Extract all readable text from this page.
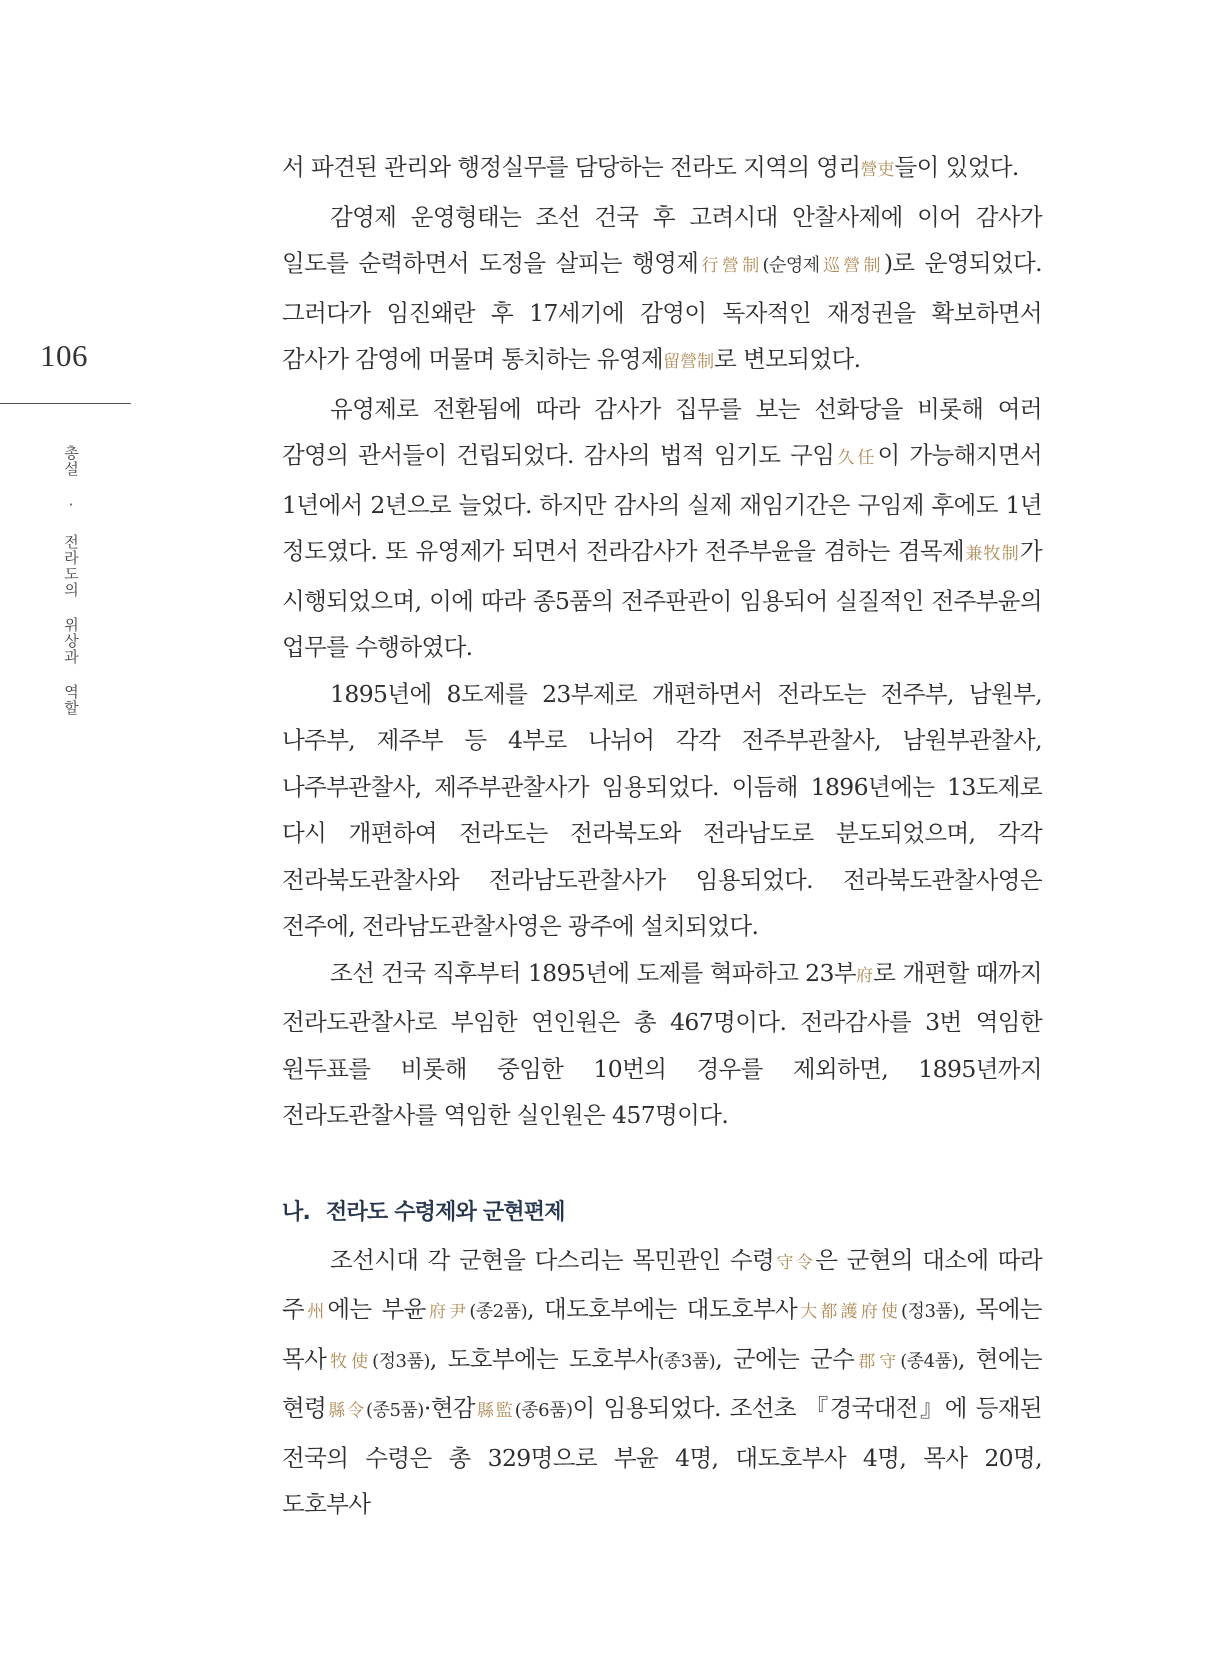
106
총설 · 전라도의 위상과 역할

서 파견된 관리와 행정실무를 담당하는 전라도 지역의 영리營吏들이 있었다.

감영제 운영형태는 조선 건국 후 고려시대 안찰사제에 이어 감사가 일도를 순력하면서 도정을 살피는 행영제行營制(순영제巡營制)로 운영되었다. 그러다가 임진왜란 후 17세기에 감영이 독자적인 재정권을 확보하면서 감사가 감영에 머물며 통치하는 유영제留營制로 변모되었다.

유영제로 전환됨에 따라 감사가 집무를 보는 선화당을 비롯해 여러 감영의 관서들이 건립되었다. 감사의 법적 임기도 구임久任이 가능해지면서 1년에서 2년으로 늘었다. 하지만 감사의 실제 재임기간은 구임제 후에도 1년 정도였다. 또 유영제가 되면서 전라감사가 전주부윤을 겸하는 겸목제兼牧制가 시행되었으며, 이에 따라 종5품의 전주판관이 임용되어 실질적인 전주부윤의 업무를 수행하였다.

1895년에 8도제를 23부제로 개편하면서 전라도는 전주부, 남원부, 나주부, 제주부 등 4부로 나뉘어 각각 전주부관찰사, 남원부관찰사, 나주부관찰사, 제주부관찰사가 임용되었다. 이듬해 1896년에는 13도제로 다시 개편하여 전라도는 전라북도와 전라남도로 분도되었으며, 각각 전라북도관찰사와 전라남도관찰사가 임용되었다. 전라북도관찰사영은 전주에, 전라남도관찰사영은 광주에 설치되었다.

조선 건국 직후부터 1895년에 도제를 혁파하고 23부府로 개편할 때까지 전라도관찰사로 부임한 연인원은 총 467명이다. 전라감사를 3번 역임한 원두표를 비롯해 중임한 10번의 경우를 제외하면, 1895년까지 전라도관찰사를 역임한 실인원은 457명이다.

나. 전라도 수령제와 군현편제

조선시대 각 군현을 다스리는 목민관인 수령守令은 군현의 대소에 따라 주州에는 부윤府尹(종2품), 대도호부에는 대도호부사大都護府使(정3품), 목에는 목사牧使(정3품), 도호부에는 도호부사(종3품), 군에는 군수郡守(종4품), 현에는 현령縣令(종5품)·현감縣監(종6품)이 임용되었다. 조선초 『경국대전』에 등재된 전국의 수령은 총 329명으로 부윤 4명, 대도호부사 4명, 목사 20명, 도호부사
